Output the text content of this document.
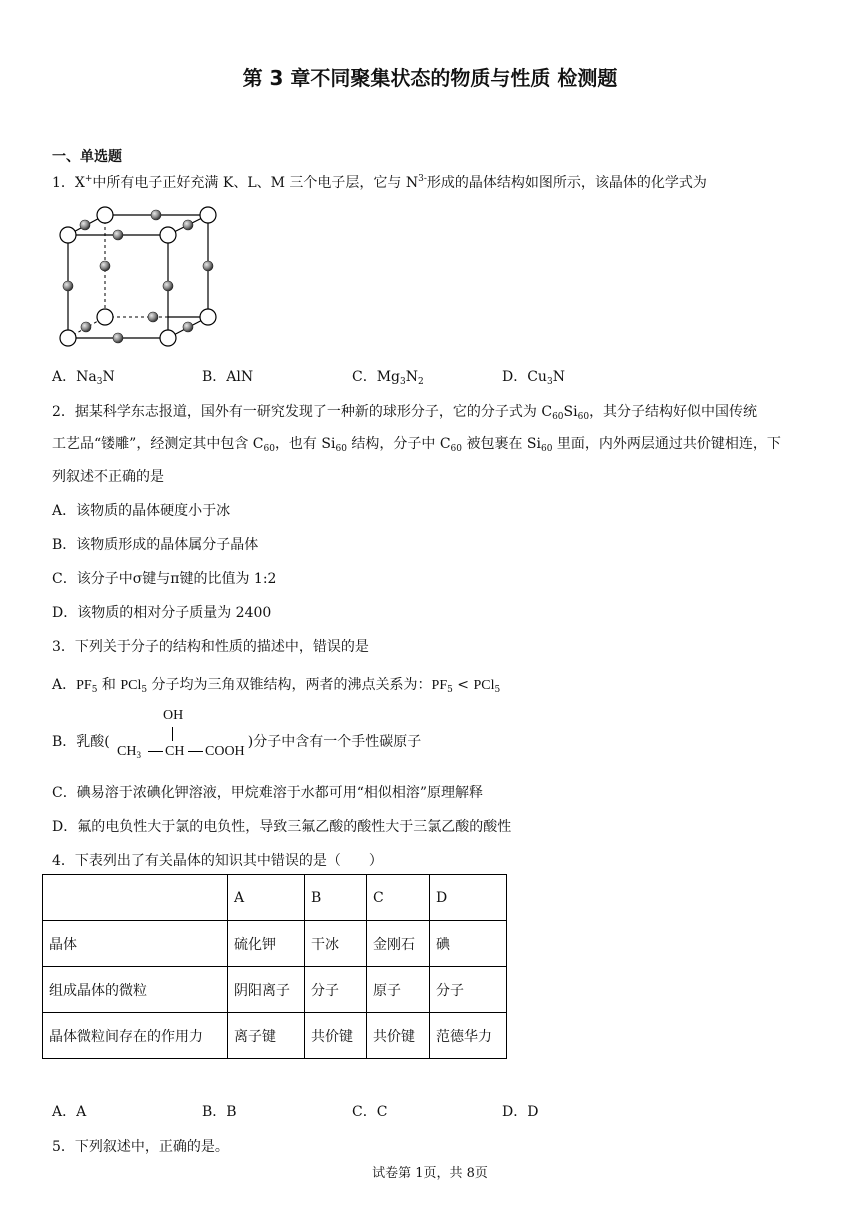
第 3 章不同聚集状态的物质与性质 检测题
一、单选题
1．X+中所有电子正好充满 K、L、M 三个电子层，它与 $N^{3-}$形成的晶体结构如图所示，该晶体的化学式为
A．$Na_3N$	B．AlN	C．$Mg_3N_2$	D．$Cu_3N$
2．据某科学东志报道，国外有一研究发现了一种新的球形分子，它的分子式为 $C_{60}Si_{60}$，其分子结构好似中国传统
工艺品“镂雕”，经测定其中包含 $C_{60}$，也有 $Si_{60}$ 结构，分子中 $C_{60}$ 被包裹在 $Si_{60}$ 里面，内外两层通过共价键相连，下
列叙述不正确的是
A．该物质的晶体硬度小于冰
B．该物质形成的晶体属分子晶体
C．该分子中σ键与π键的比值为 1:2
D．该物质的相对分子质量为 2400
3．下列关于分子的结构和性质的描述中，错误的是
A．$PF_5$ 和 PCl$_5$ 分子均为三角双锥结构，两者的沸点关系为：$PF_5 < PCl_5$
B．乳酸(	)分子中含有一个手性碳原子
OH
$CH_3$ CH COOH
C．碘易溶于浓碘化钾溶液，甲烷难溶于水都可用“相似相溶”原理解释
D．氟的电负性大于氯的电负性，导致三氟乙酸的酸性大于三氯乙酸的酸性
4．下表列出了有关晶体的知识其中错误的是（　　）
	A	B	C	D
晶体	硫化钾	干冰	金刚石	碘
组成晶体的微粒	阴阳离子	分子	原子	分子
晶体微粒间存在的作用力	离子键	共价键	共价键	范德华力
A．A	B．B	C．C	D．D
5．下列叙述中，正确的是。
试卷第 1页，共 8页
